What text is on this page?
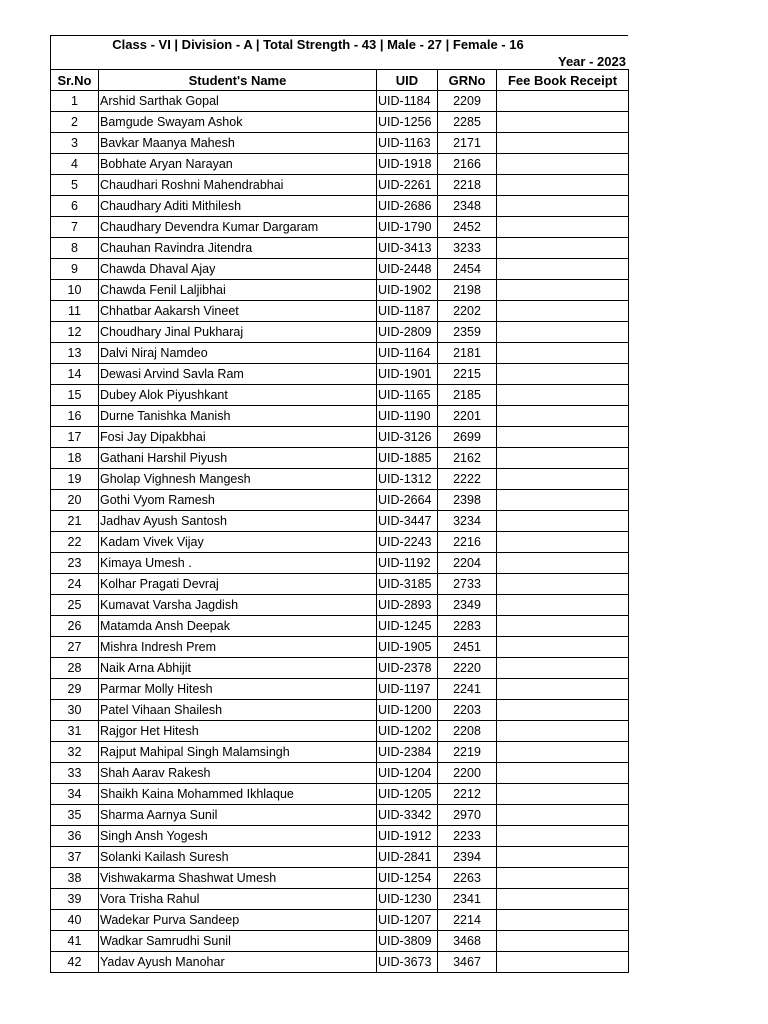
Class - VI | Division - A | Total Strength - 43 | Male - 27 | Female - 16
Year - 2023
Sr.No	Student's Name	UID	GRNo	Fee Book Receipt
1	Arshid Sarthak Gopal	UID-1184	2209	
2	Bamgude Swayam Ashok	UID-1256	2285	
3	Bavkar Maanya Mahesh	UID-1163	2171	
4	Bobhate Aryan Narayan	UID-1918	2166	
5	Chaudhari Roshni Mahendrabhai	UID-2261	2218	
6	Chaudhary Aditi Mithilesh	UID-2686	2348	
7	Chaudhary Devendra Kumar Dargaram	UID-1790	2452	
8	Chauhan Ravindra Jitendra	UID-3413	3233	
9	Chawda Dhaval Ajay	UID-2448	2454	
10	Chawda Fenil Laljibhai	UID-1902	2198	
11	Chhatbar Aakarsh Vineet	UID-1187	2202	
12	Choudhary Jinal Pukharaj	UID-2809	2359	
13	Dalvi Niraj Namdeo	UID-1164	2181	
14	Dewasi Arvind Savla Ram	UID-1901	2215	
15	Dubey Alok Piyushkant	UID-1165	2185	
16	Durne Tanishka Manish	UID-1190	2201	
17	Fosi Jay Dipakbhai	UID-3126	2699	
18	Gathani Harshil Piyush	UID-1885	2162	
19	Gholap Vighnesh Mangesh	UID-1312	2222	
20	Gothi Vyom Ramesh	UID-2664	2398	
21	Jadhav Ayush Santosh	UID-3447	3234	
22	Kadam Vivek Vijay	UID-2243	2216	
23	Kimaya Umesh .	UID-1192	2204	
24	Kolhar Pragati Devraj	UID-3185	2733	
25	Kumavat Varsha Jagdish	UID-2893	2349	
26	Matamda Ansh Deepak	UID-1245	2283	
27	Mishra Indresh Prem	UID-1905	2451	
28	Naik Arna Abhijit	UID-2378	2220	
29	Parmar Molly Hitesh	UID-1197	2241	
30	Patel Vihaan Shailesh	UID-1200	2203	
31	Rajgor Het Hitesh	UID-1202	2208	
32	Rajput Mahipal Singh Malamsingh	UID-2384	2219	
33	Shah Aarav Rakesh	UID-1204	2200	
34	Shaikh Kaina Mohammed Ikhlaque	UID-1205	2212	
35	Sharma Aarnya Sunil	UID-3342	2970	
36	Singh Ansh Yogesh	UID-1912	2233	
37	Solanki Kailash Suresh	UID-2841	2394	
38	Vishwakarma Shashwat Umesh	UID-1254	2263	
39	Vora Trisha Rahul	UID-1230	2341	
40	Wadekar Purva Sandeep	UID-1207	2214	
41	Wadkar Samrudhi Sunil	UID-3809	3468	
42	Yadav Ayush Manohar	UID-3673	3467	
